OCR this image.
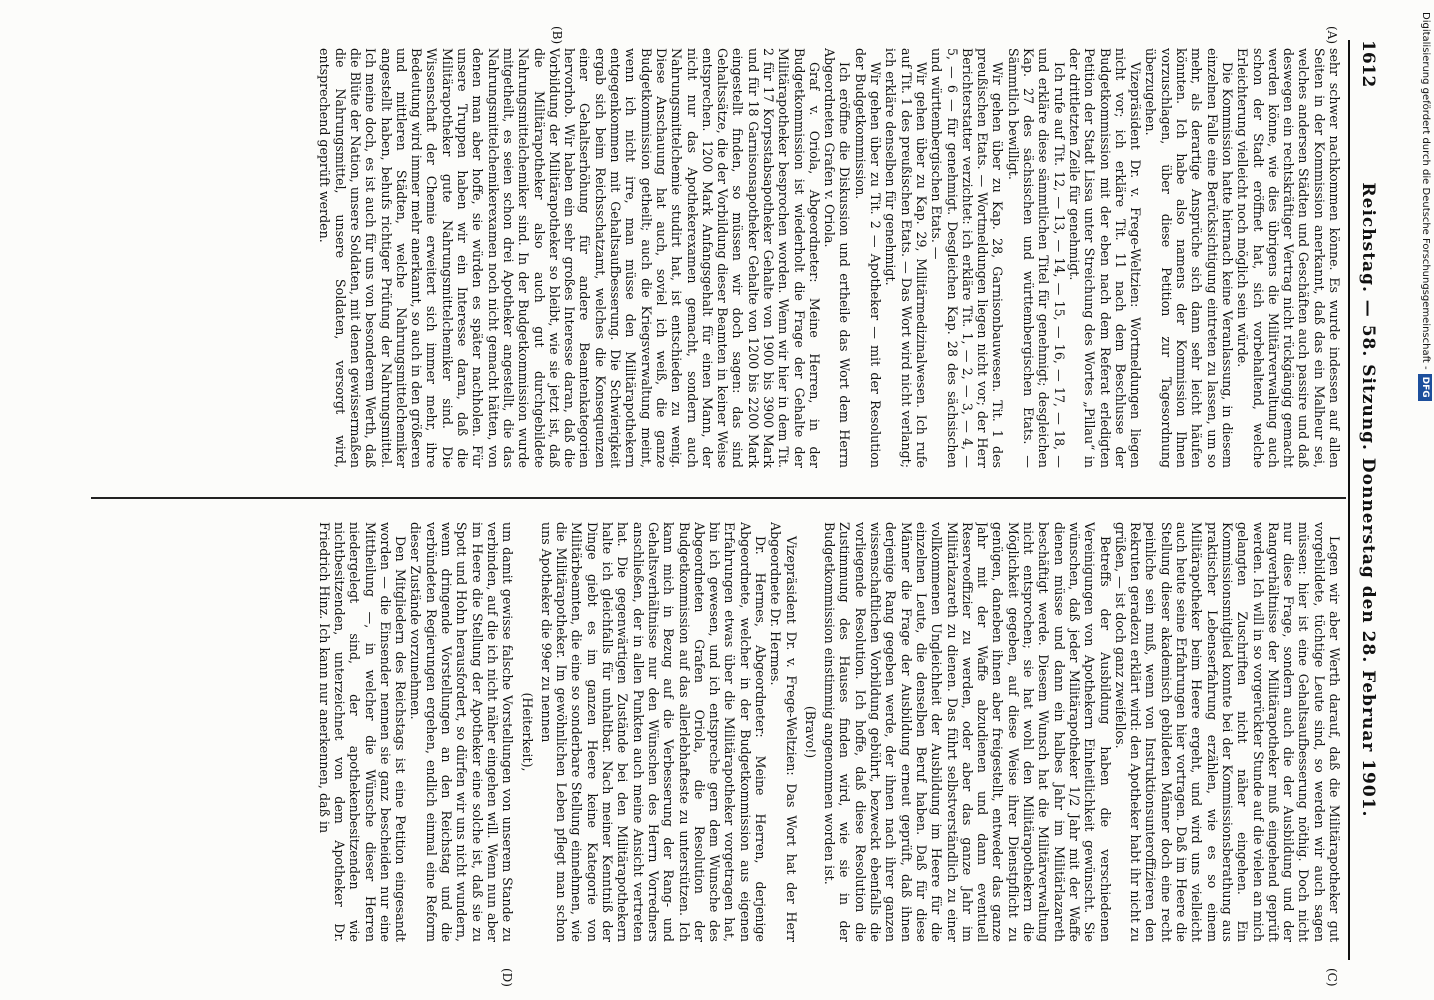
1612
Reichstag. — 58. Sitzung. Donnerstag den 28. Februar 1901.
(A)
(B)
(C)
(D)

sehr schwer nachkommen könne. Es wurde indessen auf allen Seiten in der Kommission anerkannt, daß das ein Malheur sei, welches andersen Städten und Geschäften auch passire und daß deswegen ein rechtskräftiger Vertrag nicht rückgängig gemacht werden könne, wie dies übrigens die Militärverwaltung auch schon der Stadt eröffnet hat, sich vorbehaltend, welche Erleichterung vielleicht noch möglich sein würde.

Die Kommission hatte hiernach keine Veranlassung, in diesem einzelnen Falle eine Berücksichtigung eintreten zu lassen, um so mehr, als derartige Ansprüche sich dann sehr leicht häufen könnten. Ich habe also namens der Kommission Ihnen vorzuschlagen, über diese Petition zur Tagesordnung überzugehen.

Vizepräsident Dr. v. Frege-Weltzien: Wortmeldungen liegen nicht vor; ich erkläre Tit. 11 nach dem Beschlusse der Budgetkommission mit der eben nach dem Referat erledigten Petition der Stadt Lissa unter Streichung des Wortes „Pillau“ in der drittletzten Zeile für genehmigt.

Ich rufe auf Tit. 12, — 13, — 14, — 15, — 16, — 17, — 18, — und erkläre diese sämmtlichen Titel für genehmigt; desgleichen Kap. 27 des sächsischen und württembergischen Etats. — Sämmtlich bewilligt.

Wir gehen über zu Kap. 28, Garnisonbauwesen. Tit. 1 des preußischen Etats. — Wortmeldungen liegen nicht vor; der Herr Berichterstatter verzichtet: ich erkläre Tit. 1, — 2, — 3, — 4, — 5, — 6 — für genehmigt. Desgleichen Kap. 28 des sächsischen und württembergischen Etats. —

Wir gehen über zu Kap. 29, Militärmedizinalwesen. Ich rufe auf Tit. 1 des preußischen Etats. — Das Wort wird nicht verlangt; ich erkläre denselben für genehmigt.

Wir gehen über zu Tit. 2 — Apotheker — mit der Resolution der Budgetkommission.

Ich eröffne die Diskussion und ertheile das Wort dem Herrn Abgeordneten Grafen v. Oriola.

Graf v. Oriola, Abgeordneter: Meine Herren, in der Budgetkommission ist wiederholt die Frage der Gehalte der Militärapotheker besprochen worden. Wenn wir hier in dem Tit. 2 für 17 Korpsstabsapotheker Gehalte von 1900 bis 3900 Mark und für 18 Garnisonsapotheker Gehalte von 1200 bis 2200 Mark eingestellt finden, so müssen wir doch sagen: das sind Gehaltssätze, die der Vorbildung dieser Beamten in keiner Weise entsprechen. 1200 Mark Anfangsgehalt für einen Mann, der nicht nur das Apothekerexamen gemacht, sondern auch Nahrungsmittelchemie studirt hat, ist entschieden zu wenig. Diese Anschauung hat auch, soviel ich weiß, die ganze Budgetkommission getheilt; auch die Kriegsverwaltung meint, wenn ich nicht irre, man müsse den Militärapothekern entgegenkommen mit Gehaltsaufbesserung. Die Schwierigkeit ergab sich beim Reichsschatzamt, welches die Konsequenzen einer Gehaltserhöhung für andere Beamtenkategorien hervorhob. Wir haben ein sehr großes Interesse daran, daß die Vorbildung der Militärapotheker so bleibt, wie sie jetzt ist, daß die Militärapotheker also auch gut durchgebildete Nahrungsmittelchemiker sind. In der Budgetkommission wurde mitgetheilt, es seien schon drei Apotheker angestellt, die das Nahrungsmittelchemikerexamen noch nicht gemacht hätten, von denen man aber hoffe, sie würden es später nachholen. Für unsere Truppen haben wir ein Interesse daran, daß die Militärapotheker gute Nahrungsmittelchemiker sind. Die Wissenschaft der Chemie erweitert sich immer mehr, ihre Bedeutung wird immer mehr anerkannt, so auch in den größeren und mittleren Städten, welche Nahrungsmittelchemiker angestellt haben, behufs richtiger Prüfung der Nahrungsmittel. Ich meine doch, es ist auch für uns von besonderem Werth, daß die Blüte der Nation, unsere Soldaten, mit denen gewissermaßen die Nahrungsmittel, unsere Soldaten, versorgt wird, entsprechend geprüft werden.

Legen wir aber Werth darauf, daß die Militärapotheker gut vorgebildete, tüchtige Leute sind, so werden wir auch sagen müssen: hier ist eine Gehaltsaufbesserung nöthig. Doch nicht nur diese Frage, sondern auch die der Ausbildung und der Rangverhältnisse der Militärapotheker muß eingehend geprüft werden. Ich will in so vorgerückter Stunde auf die vielen an mich gelangten Zuschriften nicht näher eingehen. Ein Kommissionsmitglied konnte bei der Kommissionsberathung aus praktischer Lebenserfahrung erzählen, wie es so einem Militärapotheker beim Heere ergeht, und wird uns vielleicht auch heute seine Erfahrungen hier vortragen. Daß im Heere die Stellung dieser akademisch gebildeten Männer doch eine recht peinliche sein muß, wenn von Instruktionsunteroffizieren den Rekruten geradezu erklärt wird: den Apotheker habt ihr nicht zu grüßen, — ist doch ganz zweifellos.

Betreffs der Ausbildung haben die verschiedenen Vereinigungen von Apothekern Einheitlichkeit gewünscht. Sie wünschen, daß jeder Militärapotheker 1/2 Jahr mit der Waffe dienen müsse und dann ein halbes Jahr im Militärlazareth beschäftigt werde. Diesem Wunsch hat die Militärverwaltung nicht entsprochen; sie hat wohl den Militärapothekern die Möglichkeit gegeben, auf diese Weise ihrer Dienstpflicht zu genügen, daneben ihnen aber freigestellt, entweder das ganze Jahr mit der Waffe abzudienen und dann eventuell Reserveoffizier zu werden, oder aber das ganze Jahr im Militärlazareth zu dienen. Das führt selbstverständlich zu einer vollkommenen Ungleichheit der Ausbildung im Heere für die einzelnen Leute, die denselben Beruf haben. Daß für diese Männer die Frage der Ausbildung erneut geprüft, daß ihnen derjenige Rang gegeben werde, der ihnen nach ihrer ganzen wissenschaftlichen Vorbildung gebührt, bezweckt ebenfalls die vorliegende Resolution. Ich hoffe, daß diese Resolution die Zustimmung des Hauses finden wird, wie sie in der Budgetkommission einstimmig angenommen worden ist.

(Bravo!)

Vizepräsident Dr. v. Frege-Weltzien: Das Wort hat der Herr Abgeordnete Dr. Hermes.

Dr. Hermes, Abgeordneter: Meine Herren, derjenige Abgeordnete, welcher in der Budgetkommission aus eigenen Erfahrungen etwas über die Militärapotheker vorgetragen hat, bin ich gewesen, und ich entspreche gern dem Wunsche des Abgeordneten Grafen Oriola, die Resolution der Budgetkommission auf das allerlebhafteste zu unterstützen. Ich kann mich in Bezug auf die Verbesserung der Rang- und Gehaltsverhältnisse nur den Wünschen des Herrn Vorredners anschließen, der in allen Punkten auch meine Ansicht vertreten hat. Die gegenwärtigen Zustände bei den Militärapothekern halte ich gleichfalls für unhaltbar. Nach meiner Kenntniß der Dinge giebt es im ganzen Heere keine Kategorie von Militärbeamten, die eine so sonderbare Stellung einnehmen, wie die Militärapotheker. Im gewöhnlichen Leben pflegt man schon uns Apotheker die 99er zu nennen

(Heiterkeit),

um damit gewisse falsche Vorstellungen von unserem Stande zu verbinden, auf die ich nicht näher eingehen will. Wenn nun aber im Heere die Stellung der Apotheker eine solche ist, daß sie zu Spott und Hohn herausfordert, so dürfen wir uns nicht wundern, wenn dringende Vorstellungen an den Reichstag und die verbündeten Regierungen ergehen, endlich einmal eine Reform dieser Zustände vorzunehmen.

Den Mitgliedern des Reichstags ist eine Petition eingesandt worden — die Einsender nennen sie ganz bescheiden nur eine Mittheilung —, in welcher die Wünsche dieser Herren niedergelegt sind, der apothekenbesitzenden wie nichtbesitzenden, unterzeichnet von dem Apotheker Dr. Friedrich Hinz. Ich kann nur anerkennen, daß in

Digitalisierung gefördert durch die Deutsche Forschungsgemeinschaft -DFG
